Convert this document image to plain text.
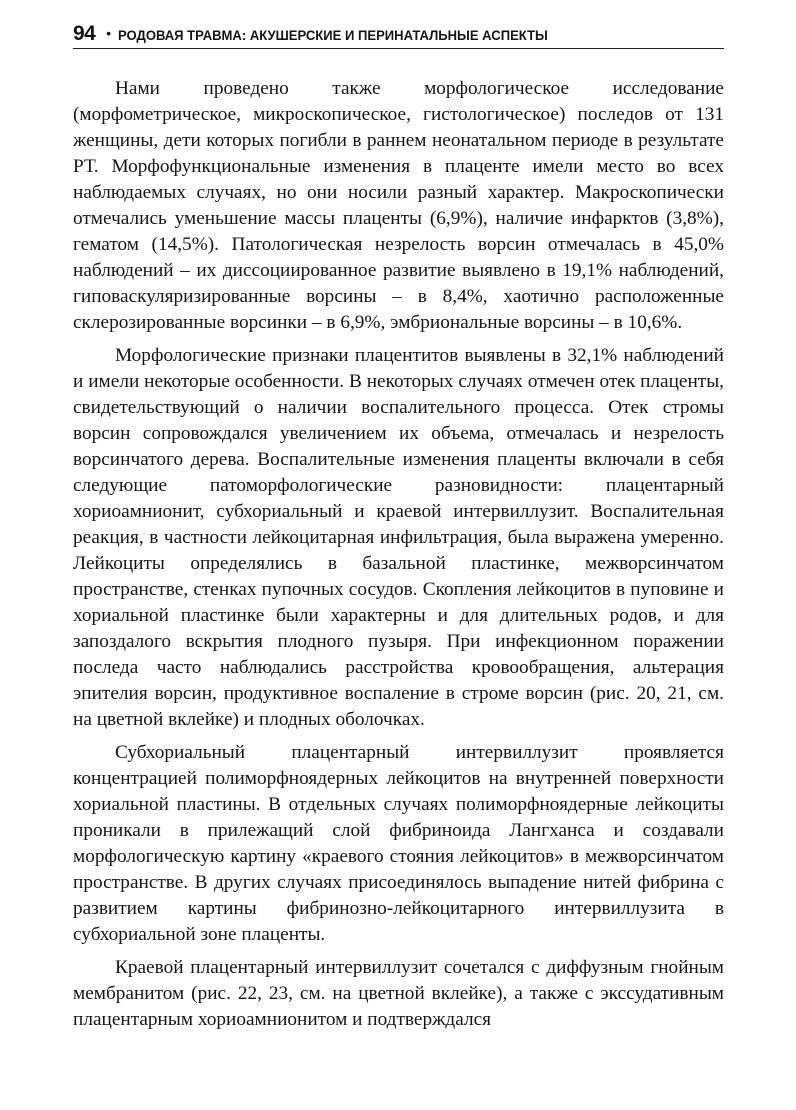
94 • РОДОВАЯ ТРАВМА: АКУШЕРСКИЕ И ПЕРИНАТАЛЬНЫЕ АСПЕКТЫ

Нами проведено также морфологическое исследование (морфометрическое, микроскопическое, гистологическое) последов от 131 женщины, дети которых погибли в раннем неонатальном периоде в результате РТ. Морфофункциональные изменения в плаценте имели место во всех наблюдаемых случаях, но они носили разный характер. Макроскопически отмечались уменьшение массы плаценты (6,9%), наличие инфарктов (3,8%), гематом (14,5%). Патологическая незрелость ворсин отмечалась в 45,0% наблюдений – их диссоциированное развитие выявлено в 19,1% наблюдений, гиповаскуляризированные ворсины – в 8,4%, хаотично расположенные склерозированные ворсинки – в 6,9%, эмбриональные ворсины – в 10,6%.

Морфологические признаки плацентитов выявлены в 32,1% наблюдений и имели некоторые особенности. В некоторых случаях отмечен отек плаценты, свидетельствующий о наличии воспалительного процесса. Отек стромы ворсин сопровождался увеличением их объема, отмечалась и незрелость ворсинчатого дерева. Воспалительные изменения плаценты включали в себя следующие патоморфологические разновидности: плацентарный хориоамнионит, субхориальный и краевой интервиллузит. Воспалительная реакция, в частности лейкоцитарная инфильтрация, была выражена умеренно. Лейкоциты определялись в базальной пластинке, межворсинчатом пространстве, стенках пупочных сосудов. Скопления лейкоцитов в пуповине и хориальной пластинке были характерны и для длительных родов, и для запоздалого вскрытия плодного пузыря. При инфекционном поражении последа часто наблюдались расстройства кровообращения, альтерация эпителия ворсин, продуктивное воспаление в строме ворсин (рис. 20, 21, см. на цветной вклейке) и плодных оболочках.

Субхориальный плацентарный интервиллузит проявляется концентрацией полиморфноядерных лейкоцитов на внутренней поверхности хориальной пластины. В отдельных случаях полиморфноядерные лейкоциты проникали в прилежащий слой фибриноида Лангханса и создавали морфологическую картину «краевого стояния лейкоцитов» в межворсинчатом пространстве. В других случаях присоединялось выпадение нитей фибрина с развитием картины фибринозно-лейкоцитарного интервиллузита в субхориальной зоне плаценты.

Краевой плацентарный интервиллузит сочетался с диффузным гнойным мембранитом (рис. 22, 23, см. на цветной вклейке), а также с экссудативным плацентарным хориоамнионитом и подтверждался
